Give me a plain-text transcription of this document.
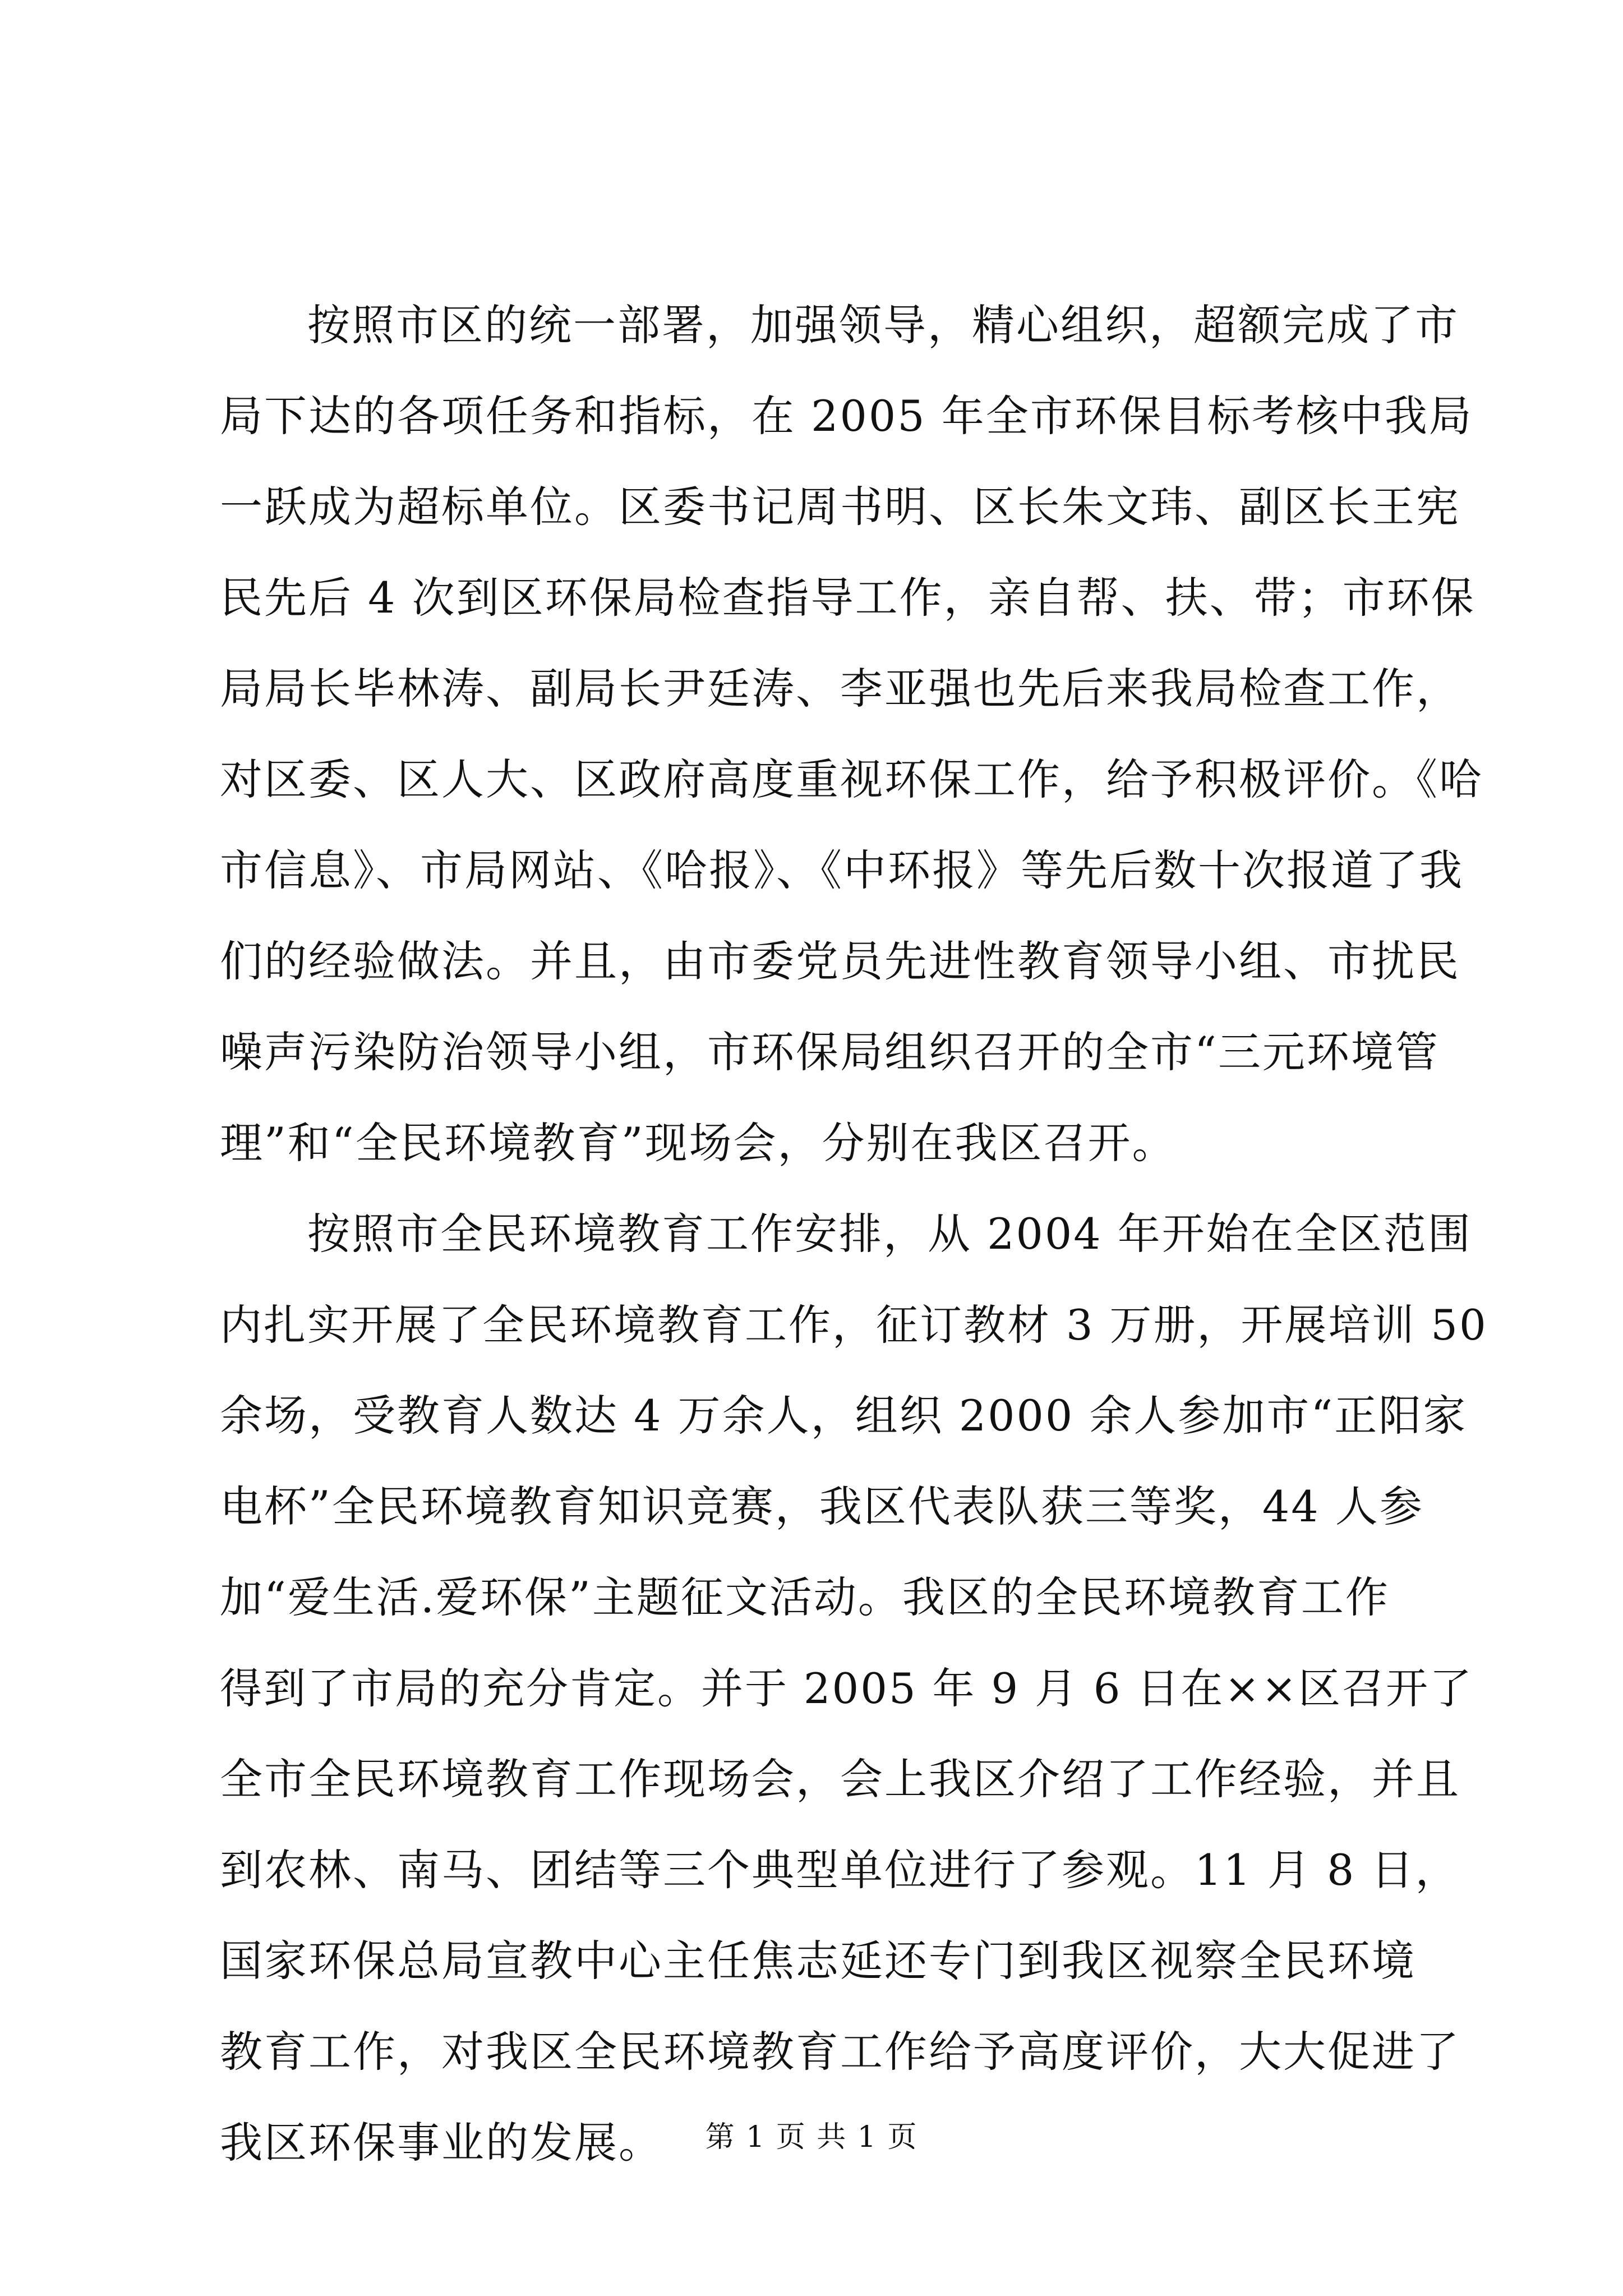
按照市区的统一部署，加强领导，精心组织，超额完成了市
局下达的各项任务和指标，在 2005 年全市环保目标考核中我局
一跃成为超标单位。区委书记周书明、区长朱文玮、副区长王宪
民先后 4 次到区环保局检查指导工作，亲自帮、扶、带；市环保
局局长毕林涛、副局长尹廷涛、李亚强也先后来我局检查工作，
对区委、区人大、区政府高度重视环保工作，给予积极评价。《哈
市信息》、市局网站、《哈报》、《中环报》等先后数十次报道了我
们的经验做法。并且，由市委党员先进性教育领导小组、市扰民
噪声污染防治领导小组，市环保局组织召开的全市“三元环境管
理”和“全民环境教育”现场会，分别在我区召开。
按照市全民环境教育工作安排，从 2004 年开始在全区范围
内扎实开展了全民环境教育工作，征订教材 3 万册，开展培训 50
余场，受教育人数达 4 万余人，组织 2000 余人参加市“正阳家
电杯”全民环境教育知识竞赛，我区代表队获三等奖，44 人参
加“爱生活.爱环保”主题征文活动。我区的全民环境教育工作
得到了市局的充分肯定。并于 2005 年 9 月 6 日在××区召开了
全市全民环境教育工作现场会，会上我区介绍了工作经验，并且
到农林、南马、团结等三个典型单位进行了参观。11 月 8 日，
国家环保总局宣教中心主任焦志延还专门到我区视察全民环境
教育工作，对我区全民环境教育工作给予高度评价，大大促进了
我区环保事业的发展。	第 1 页 共 1 页
